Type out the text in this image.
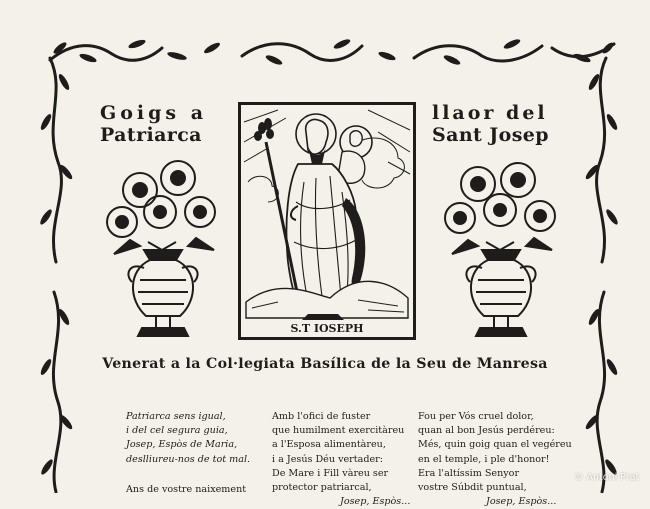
Goigs a
Patriarca
llaor del
Sant Josep
S.T IOSEPH
Venerat a la Col·legiata Basílica de la Seu de Manresa
Patriarca sens igual,
i del cel segura guia,
Josep, Espòs de Maria,
deslliureu-nos de tot mal.
Ans de vostre naixement
Amb l'ofici de fuster
que humilment exercitàreu
a l'Esposa alimentàreu,
i a Jesús Déu vertader:
De Mare i Fill vàreu ser
protector patriarcal,
Josep, Espòs...
Fou per Vós cruel dolor,
quan al bon Jesús perdéreu:
Més, quin goig quan el vegéreu
en el temple, i ple d'honor!
Era l'altíssim Senyor
vostre Súbdit puntual,
Josep, Espòs...
© Antoni Prat
